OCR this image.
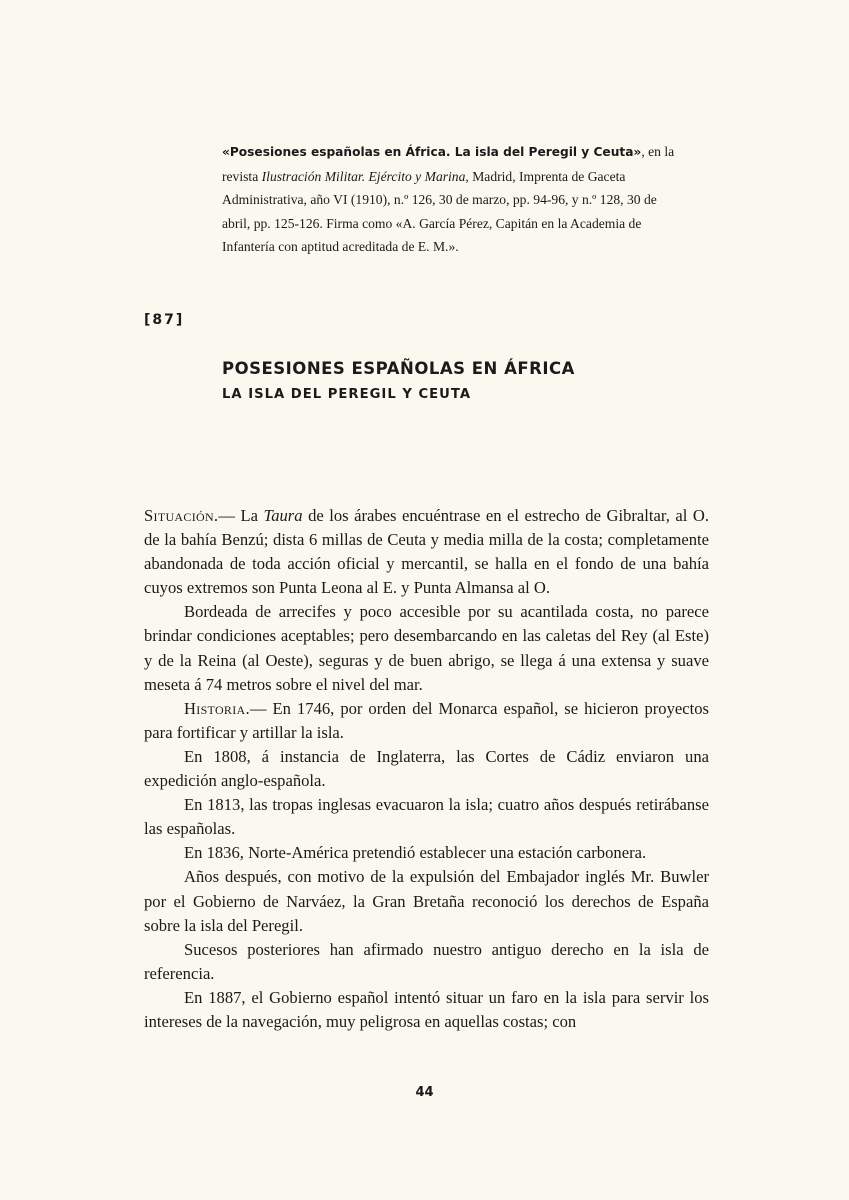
«Posesiones españolas en África. La isla del Peregil y Ceuta», en la revista Ilustración Militar. Ejército y Marina, Madrid, Imprenta de Gaceta Administrativa, año VI (1910), n.º 126, 30 de marzo, pp. 94-96, y n.º 128, 30 de abril, pp. 125-126. Firma como «A. García Pérez, Capitán en la Academia de Infantería con aptitud acreditada de E. M.».
[87]
POSESIONES ESPAÑOLAS EN ÁFRICA
LA ISLA DEL PEREGIL Y CEUTA

Situación.— La Taura de los árabes encuéntrase en el estrecho de Gibraltar, al O. de la bahía Benzú; dista 6 millas de Ceuta y media milla de la costa; completamente abandonada de toda acción oficial y mercantil, se halla en el fondo de una bahía cuyos extremos son Punta Leona al E. y Punta Almansa al O.

Bordeada de arrecifes y poco accesible por su acantilada costa, no parece brindar condiciones aceptables; pero desembarcando en las caletas del Rey (al Este) y de la Reina (al Oeste), seguras y de buen abrigo, se llega á una extensa y suave meseta á 74 metros sobre el nivel del mar.

Historia.— En 1746, por orden del Monarca español, se hicieron proyectos para fortificar y artillar la isla.

En 1808, á instancia de Inglaterra, las Cortes de Cádiz enviaron una expedición anglo-española.

En 1813, las tropas inglesas evacuaron la isla; cuatro años después retirábanse las españolas.

En 1836, Norte-América pretendió establecer una estación carbonera.

Años después, con motivo de la expulsión del Embajador inglés Mr. Buwler por el Gobierno de Narváez, la Gran Bretaña reconoció los derechos de España sobre la isla del Peregil.

Sucesos posteriores han afirmado nuestro antiguo derecho en la isla de referencia.

En 1887, el Gobierno español intentó situar un faro en la isla para servir los intereses de la navegación, muy peligrosa en aquellas costas; con

44
